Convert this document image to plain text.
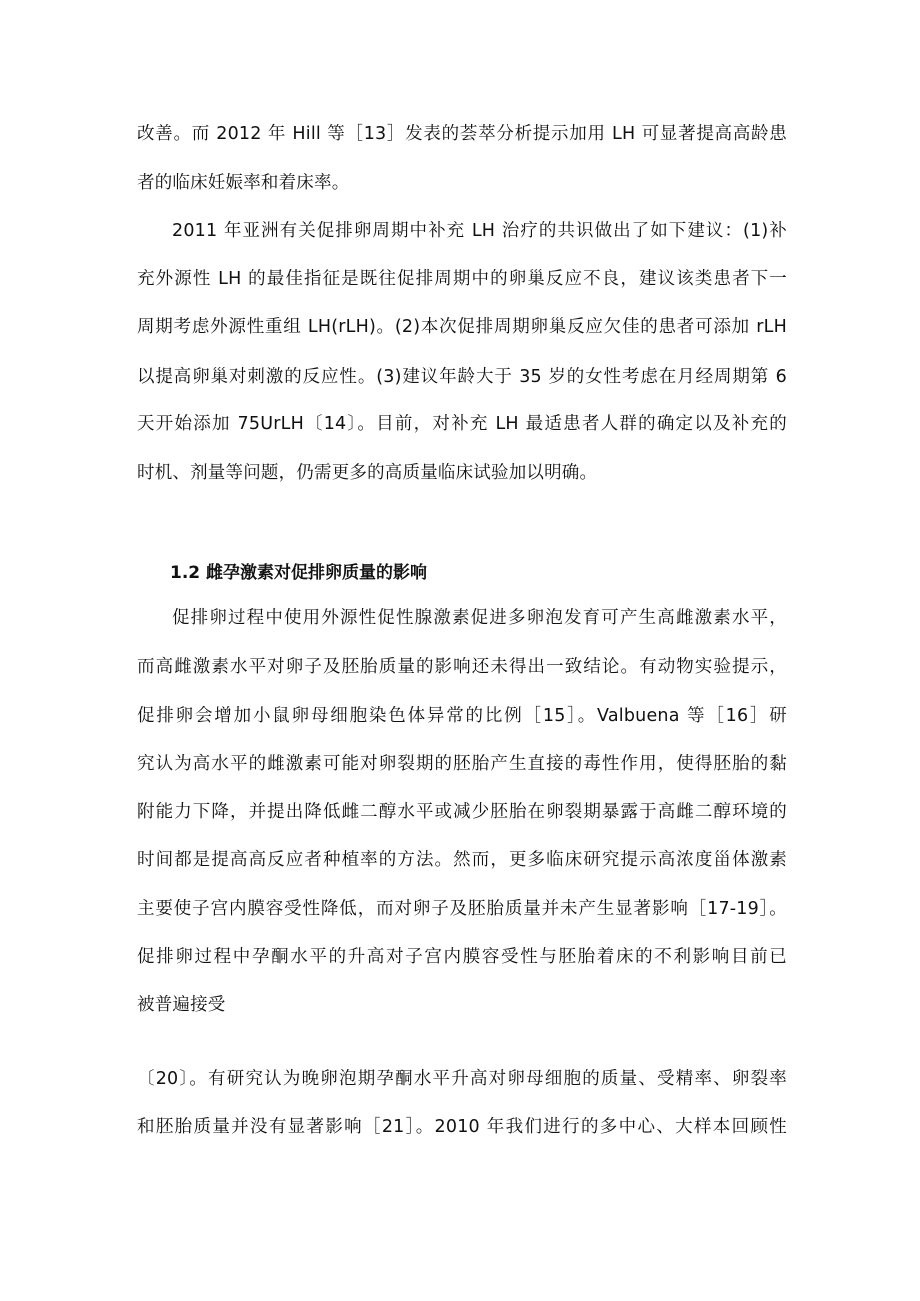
改善。而 2012 年 Hill 等［13］发表的荟萃分析提示加用 LH 可显著提高高龄患
者的临床妊娠率和着床率。
2011 年亚洲有关促排卵周期中补充 LH 治疗的共识做出了如下建议：(1)补
充外源性 LH 的最佳指征是既往促排周期中的卵巢反应不良，建议该类患者下一
周期考虑外源性重组 LH(rLH)。(2)本次促排周期卵巢反应欠佳的患者可添加 rLH
以提高卵巢对刺激的反应性。(3)建议年龄大于 35 岁的女性考虑在月经周期第 6
天开始添加 75UrLH〔14〕。目前，对补充 LH 最适患者人群的确定以及补充的
时机、剂量等问题，仍需更多的高质量临床试验加以明确。
1.2 雌孕激素对促排卵质量的影响
促排卵过程中使用外源性促性腺激素促进多卵泡发育可产生高雌激素水平，
而高雌激素水平对卵子及胚胎质量的影响还未得出一致结论。有动物实验提示，
促排卵会增加小鼠卵母细胞染色体异常的比例［15］。Valbuena 等［16］研
究认为高水平的雌激素可能对卵裂期的胚胎产生直接的毒性作用，使得胚胎的黏
附能力下降，并提出降低雌二醇水平或减少胚胎在卵裂期暴露于高雌二醇环境的
时间都是提高高反应者种植率的方法。然而，更多临床研究提示高浓度甾体激素
主要使子宫内膜容受性降低，而对卵子及胚胎质量并未产生显著影响［17-19］。
促排卵过程中孕酮水平的升高对子宫内膜容受性与胚胎着床的不利影响目前已
被普遍接受
〔20〕。有研究认为晚卵泡期孕酮水平升高对卵母细胞的质量、受精率、卵裂率
和胚胎质量并没有显著影响［21］。2010 年我们进行的多中心、大样本回顾性
